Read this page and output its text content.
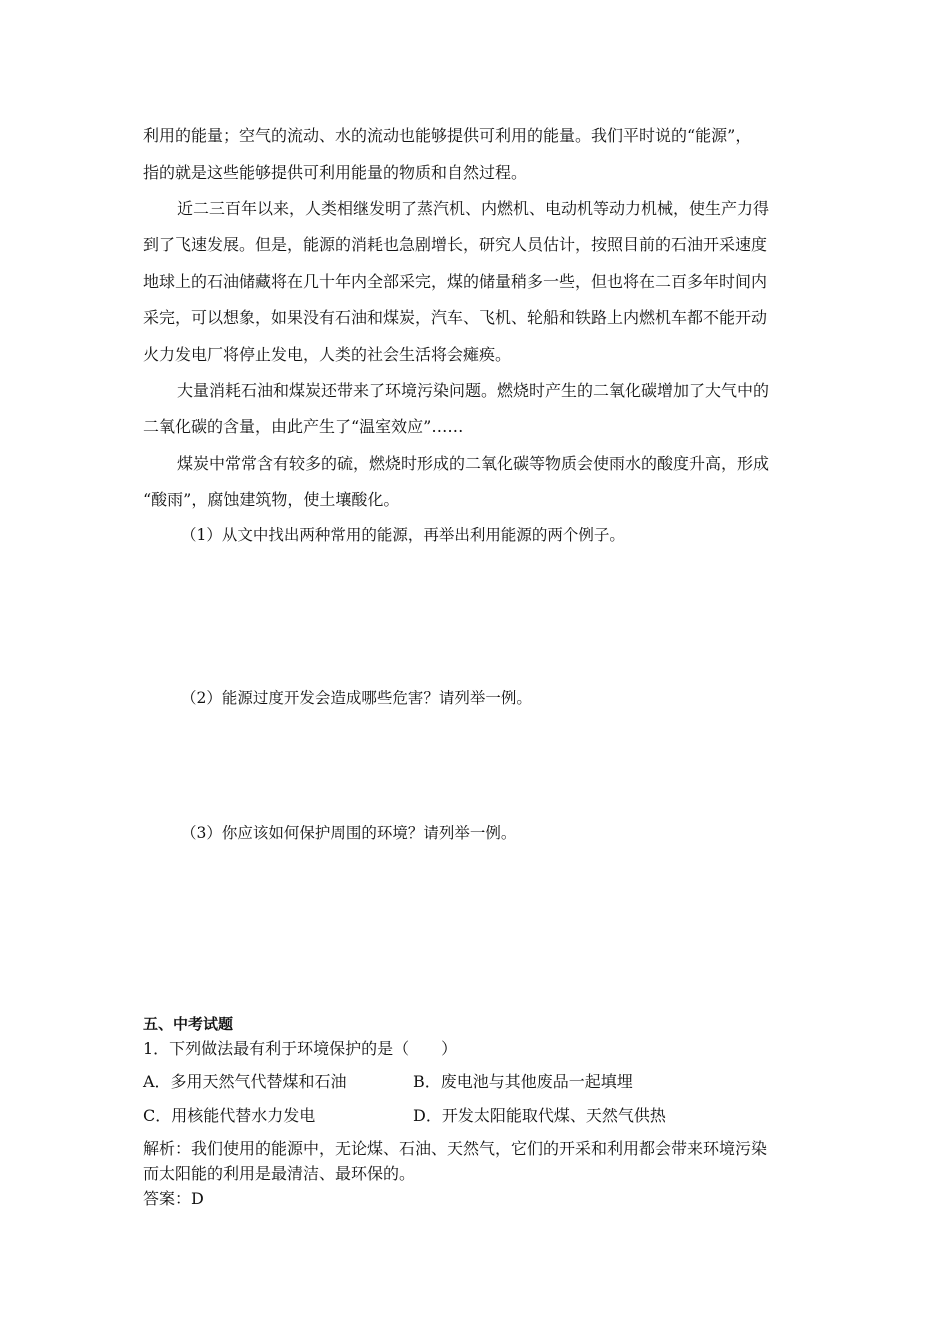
利用的能量；空气的流动、水的流动也能够提供可利用的能量。我们平时说的“能源”，
指的就是这些能够提供可利用能量的物质和自然过程。
近二三百年以来，人类相继发明了蒸汽机、内燃机、电动机等动力机械，使生产力得
到了飞速发展。但是，能源的消耗也急剧增长，研究人员估计，按照目前的石油开采速度
地球上的石油储藏将在几十年内全部采完，煤的储量稍多一些，但也将在二百多年时间内
采完，可以想象，如果没有石油和煤炭，汽车、飞机、轮船和铁路上内燃机车都不能开动
火力发电厂将停止发电，人类的社会生活将会瘫痪。
大量消耗石油和煤炭还带来了环境污染问题。燃烧时产生的二氧化碳增加了大气中的
二氧化碳的含量，由此产生了“温室效应”……
煤炭中常常含有较多的硫，燃烧时形成的二氧化碳等物质会使雨水的酸度升高，形成
“酸雨”，腐蚀建筑物，使土壤酸化。
（1）从文中找出两种常用的能源，再举出利用能源的两个例子。
（2）能源过度开发会造成哪些危害？请列举一例。
（3）你应该如何保护周围的环境？请列举一例。
五、中考试题
1．下列做法最有利于环境保护的是（　　）
A．多用天然气代替煤和石油	B．废电池与其他废品一起填埋
C．用核能代替水力发电	D．开发太阳能取代煤、天然气供热
解析：我们使用的能源中，无论煤、石油、天然气，它们的开采和利用都会带来环境污染
而太阳能的利用是最清洁、最环保的。
答案：D
